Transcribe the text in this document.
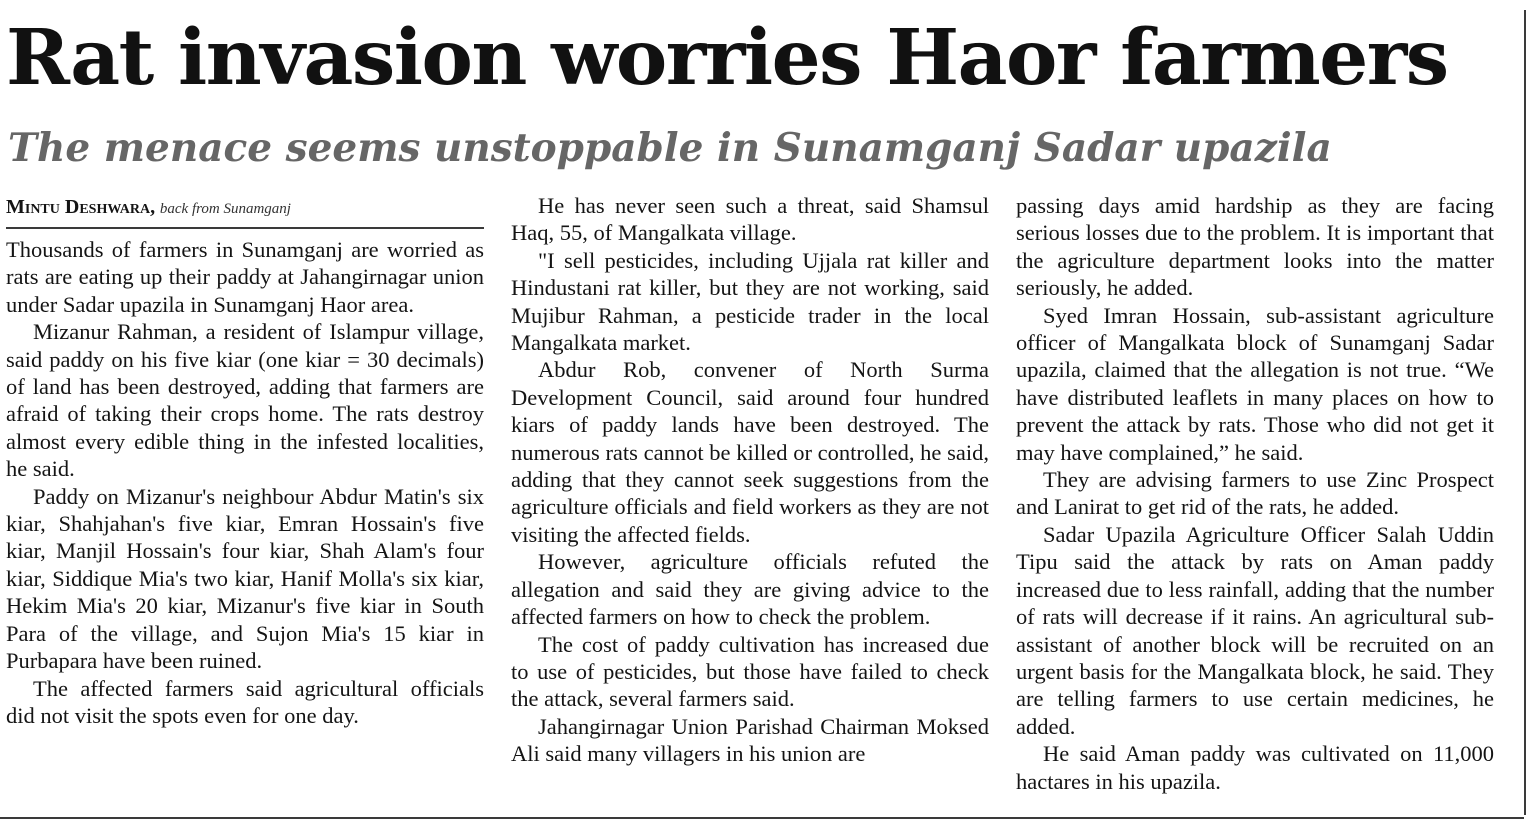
Rat invasion worries Haor farmers
The menace seems unstoppable in Sunamganj Sadar upazila
Mintu Deshwara, back from Sunamganj

Thousands of farmers in Sunamganj are worried as rats are eating up their paddy at Jahangirnagar union under Sadar upazila in Sunamganj Haor area.

Mizanur Rahman, a resident of Islampur village, said paddy on his five kiar (one kiar = 30 decimals) of land has been destroyed, adding that farmers are afraid of taking their crops home. The rats destroy almost every edible thing in the infested localities, he said.

Paddy on Mizanur's neighbour Abdur Matin's six kiar, Shahjahan's five kiar, Emran Hossain's five kiar, Manjil Hossain's four kiar, Shah Alam's four kiar, Siddique Mia's two kiar, Hanif Molla's six kiar, Hekim Mia's 20 kiar, Mizanur's five kiar in South Para of the village, and Sujon Mia's 15 kiar in Purbapara have been ruined.

The affected farmers said agricultural officials did not visit the spots even for one day.

He has never seen such a threat, said Shamsul Haq, 55, of Mangalkata village.

"I sell pesticides, including Ujjala rat killer and Hindustani rat killer, but they are not working, said Mujibur Rahman, a pesticide trader in the local Mangalkata market.

Abdur Rob, convener of North Surma Development Council, said around four hundred kiars of paddy lands have been destroyed. The numerous rats cannot be killed or controlled, he said, adding that they cannot seek suggestions from the agriculture officials and field workers as they are not visiting the affected fields.

However, agriculture officials refuted the allegation and said they are giving advice to the affected farmers on how to check the problem.

The cost of paddy cultivation has increased due to use of pesticides, but those have failed to check the attack, several farmers said.

Jahangirnagar Union Parishad Chairman Moksed Ali said many villagers in his union are

passing days amid hardship as they are facing serious losses due to the problem. It is important that the agriculture department looks into the matter seriously, he added.

Syed Imran Hossain, sub-assistant agriculture officer of Mangalkata block of Sunamganj Sadar upazila, claimed that the allegation is not true. “We have distributed leaflets in many places on how to prevent the attack by rats. Those who did not get it may have complained,” he said.

They are advising farmers to use Zinc Prospect and Lanirat to get rid of the rats, he added.

Sadar Upazila Agriculture Officer Salah Uddin Tipu said the attack by rats on Aman paddy increased due to less rainfall, adding that the number of rats will decrease if it rains. An agricultural sub-assistant of another block will be recruited on an urgent basis for the Mangalkata block, he said. They are telling farmers to use certain medicines, he added.

He said Aman paddy was cultivated on 11,000 hactares in his upazila.
